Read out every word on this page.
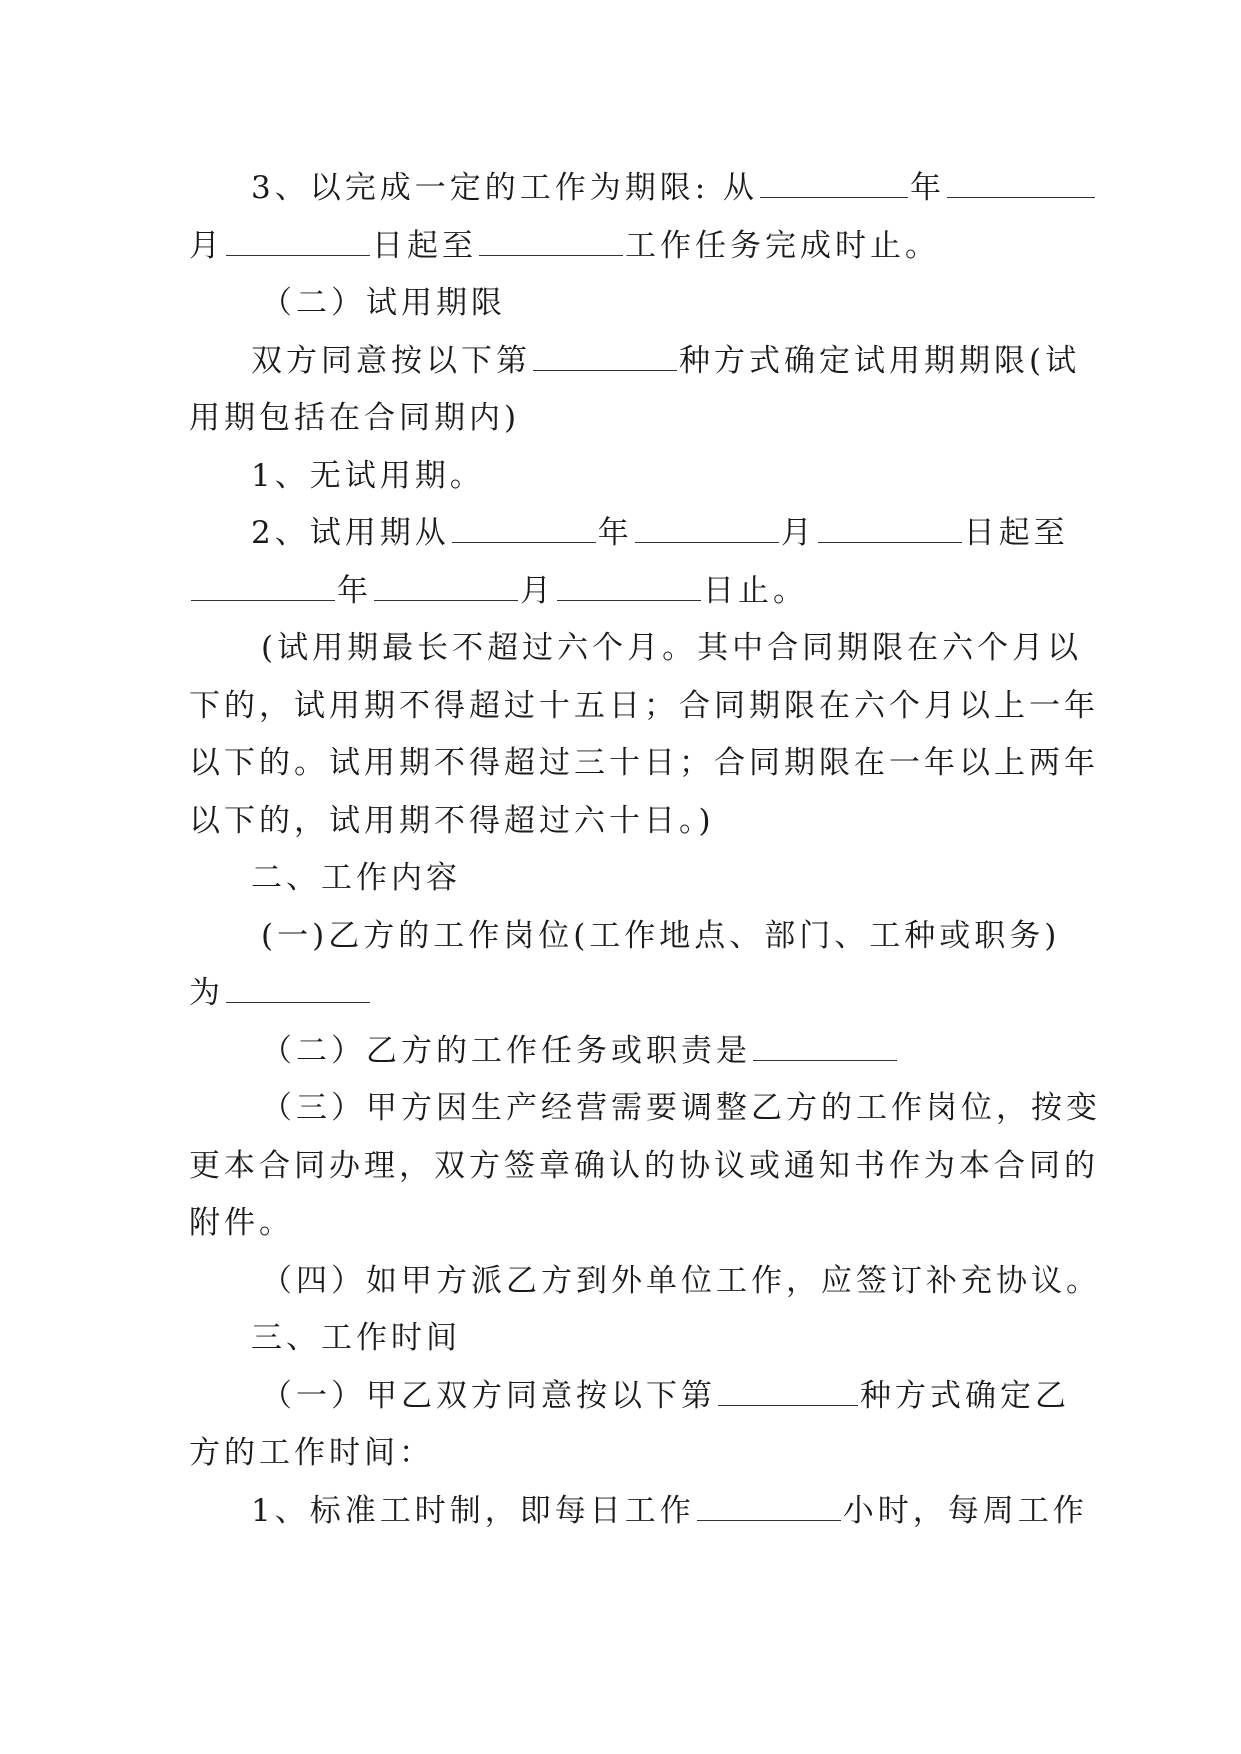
3、以完成一定的工作为期限: 从	年
月	日起至	工作任务完成时止。
（二）试用期限
双方同意按以下第	种方式确定试用期期限(试
用期包括在合同期内)
1、无试用期。
2、试用期从	年	月	日起至
年	月	日止。
(试用期最长不超过六个月。其中合同期限在六个月以
下的，试用期不得超过十五日；合同期限在六个月以上一年
以下的。试用期不得超过三十日；合同期限在一年以上两年
以下的，试用期不得超过六十日。)
二、工作内容
(一)乙方的工作岗位(工作地点、部门、工种或职务)
为
（二）乙方的工作任务或职责是
（三）甲方因生产经营需要调整乙方的工作岗位，按变
更本合同办理，双方签章确认的协议或通知书作为本合同的
附件。
（四）如甲方派乙方到外单位工作，应签订补充协议。
三、工作时间
（一）甲乙双方同意按以下第	种方式确定乙
方的工作时间：
1、标准工时制，即每日工作	小时，每周工作
